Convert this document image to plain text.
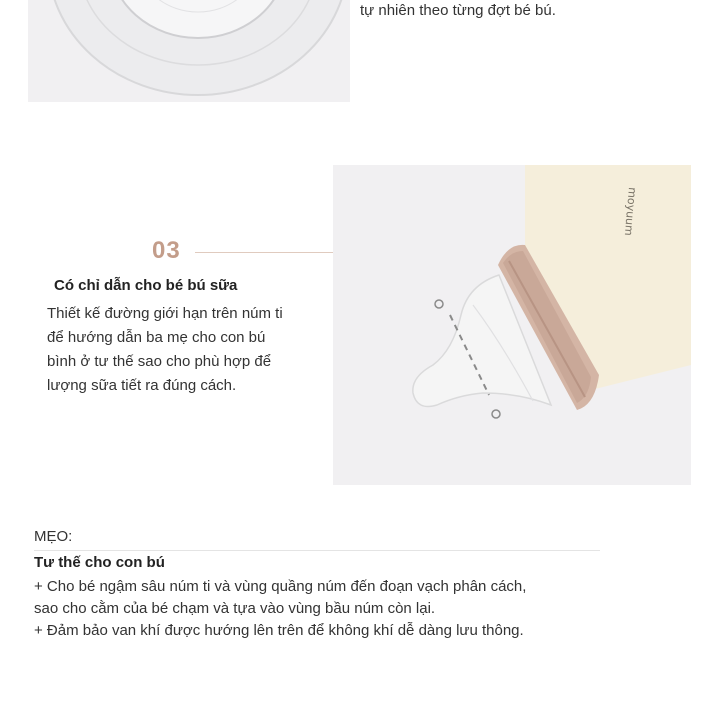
tự nhiên theo từng đợt bé bú.
03
Có chỉ dẫn cho bé bú sữa

Thiết kế đường giới hạn trên núm ti

để hướng dẫn ba mẹ cho con bú

bình ở tư thế sao cho phù hợp để

lượng sữa tiết ra đúng cách.

moyuum
MẸO:
Tư thế cho con bú

+ Cho bé ngậm sâu núm ti và vùng quầng núm đến đoạn vạch phân cách,

sao cho cằm của bé chạm và tựa vào vùng bầu núm còn lại.

+ Đảm bảo van khí được hướng lên trên để không khí dễ dàng lưu thông.
